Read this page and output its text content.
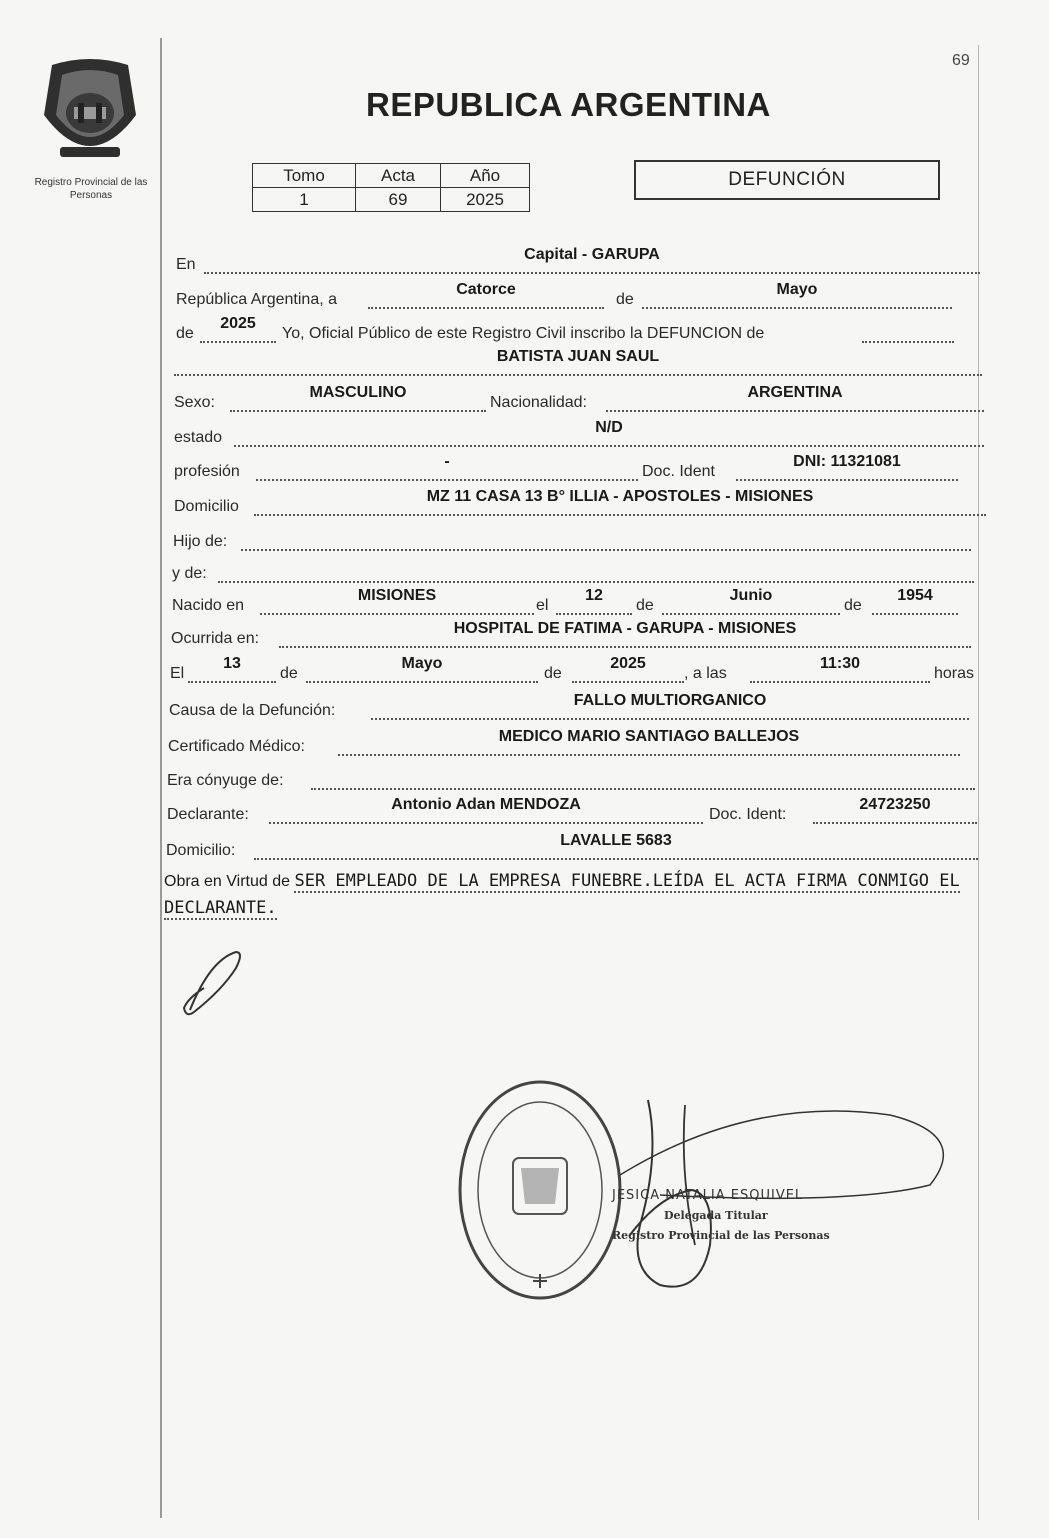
69
Registro Provincial de las Personas
REPUBLICA ARGENTINA
Tomo	Acta	Año
1	69	2025
DEFUNCIÓN
En
Capital - GARUPA
República Argentina, a
Catorce
de
Mayo
de
2025
Yo, Oficial Público de este Registro Civil inscribo la DEFUNCION de
BATISTA JUAN SAUL
Sexo:
MASCULINO
Nacionalidad:
ARGENTINA
estado
N/D
profesión
-
Doc. Ident
DNI: 11321081
Domicilio
MZ 11 CASA 13 B° ILLIA - APOSTOLES - MISIONES
Hijo de:
y de:
Nacido en
MISIONES
el
12
de
Junio
de
1954
Ocurrida en:
HOSPITAL DE FATIMA - GARUPA - MISIONES
El
13
de
Mayo
de
2025
, a las
11:30
horas
Causa de la Defunción:
FALLO MULTIORGANICO
Certificado Médico:
MEDICO MARIO SANTIAGO BALLEJOS
Era cónyuge de:
Declarante:
Antonio Adan MENDOZA
Doc. Ident:
24723250
Domicilio:
LAVALLE 5683
Obra en Virtud de SER EMPLEADO DE LA EMPRESA FUNEBRE.LEÍDA EL ACTA FIRMA CONMIGO EL DECLARANTE.
JESICA NATALIA ESQUIVEL
Delegada Titular
Registro Provincial de las Personas
